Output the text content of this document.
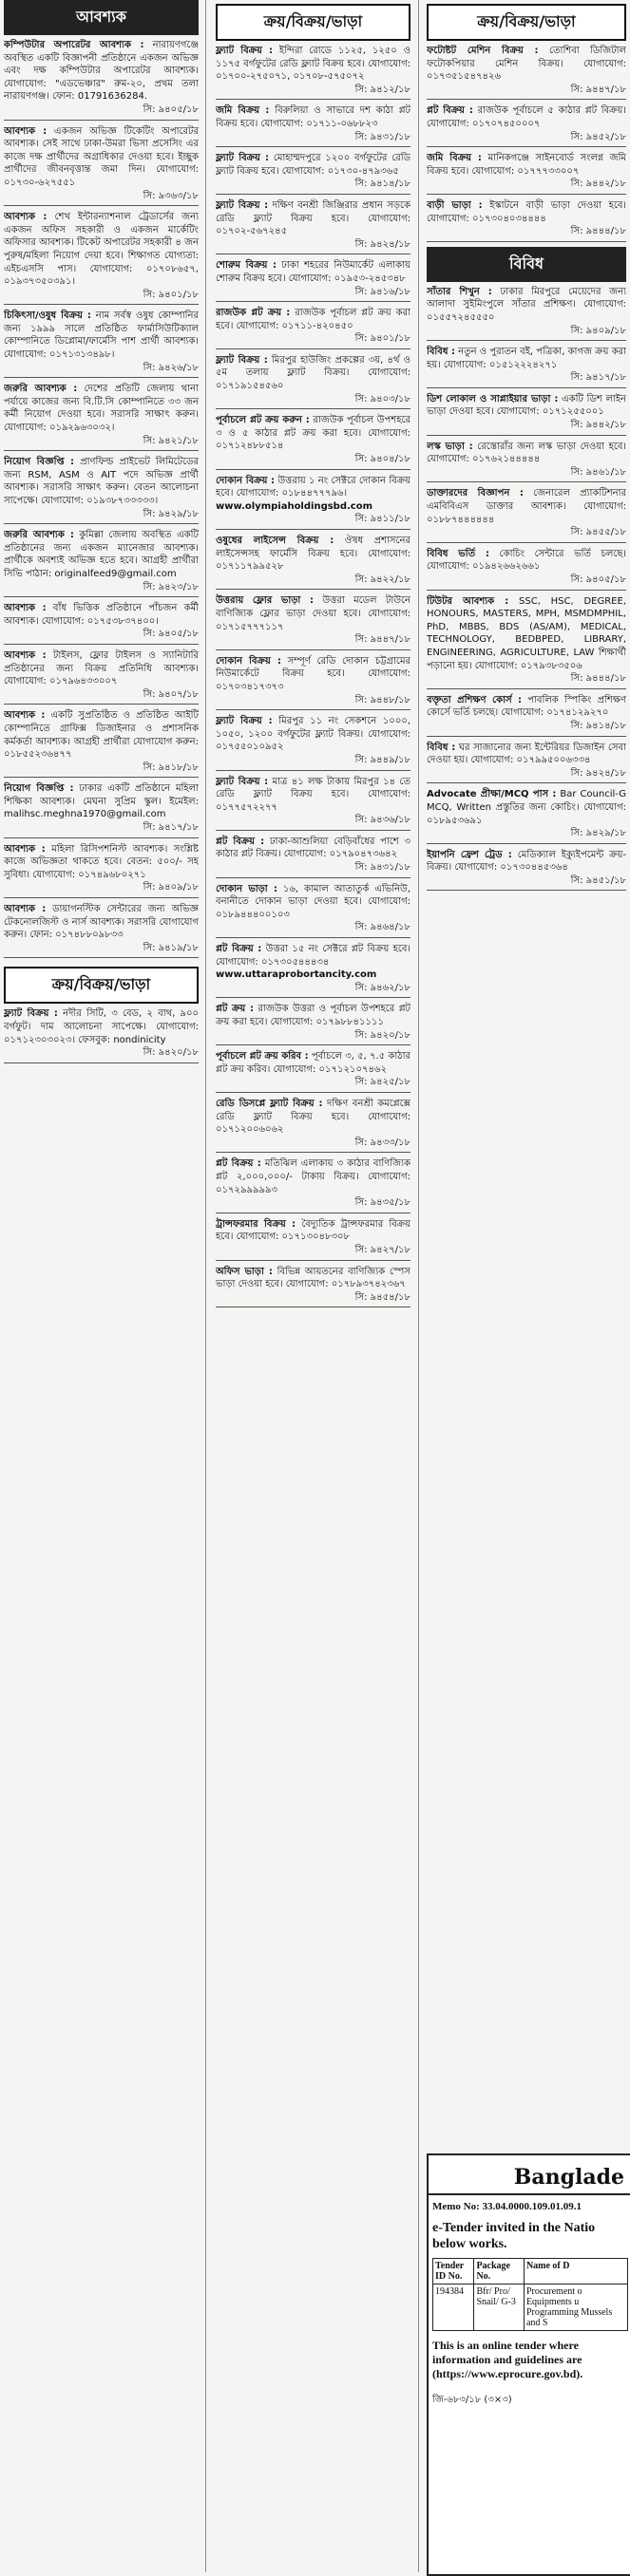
আবশ্যক
কম্পিউটার অপারেটর আবশ্যক : নারায়ণগঞ্জে অবস্থিত একটি বিজ্ঞাপনী প্রতিষ্ঠানে একজন অভিজ্ঞ এবং দক্ষ কম্পিউটার অপারেটর আবশ্যক। যোগাযোগ: "এডভেঞ্চার" রুম-২০, প্রথম তলা নারায়ণগঞ্জ। ফোন: 01791636284.
সি: ৯৪০৫/১৮
আবশ্যক : একজন অভিজ্ঞ টিকেটিং অপারেটর আবশ্যক। সেই সাথে ঢাকা-উমরা ভিসা প্রসেসিং এর কাজে দক্ষ প্রার্থীদের অগ্রাধিকার দেওয়া হবে। ইচ্ছুক প্রার্থীদের জীবনবৃত্তান্ত জমা দিন। যোগাযোগ: ০১৭৩০-৬২৭৫৫১
সি: ৯৩৬৩/১৮
আবশ্যক : শেখ ইন্টারন্যাশনাল ট্রেডার্সের জন্য একজন অফিস সহকারী ও একজন মার্কেটিং অফিসার আবশ্যক। টিকেট অপারেটর সহকারী ৪ জন পুরুষ/মহিলা নিয়োগ দেয়া হবে। শিক্ষাগত যোগ্যতা: এইচএসসি পাস। যোগাযোগ: ০১৭০৮৬৫৭, ০১৯৩৭৩৫০৩৯১।
সি: ৯৪০১/১৮
চিকিৎসা/ওষুধ বিক্রয় : নাম সর্বস্ব ওষুধ কোম্পানির জন্য ১৯৯৯ সালে প্রতিষ্ঠিত ফার্মাসিউটিক্যাল কোম্পানিতে ডিপ্লোমা/ফার্মেসি পাশ প্রার্থী আবশ্যক। যোগাযোগ: ০১৭১৩১৩৪৯৮।
সি: ৯৪২৬/১৮
জরুরি আবশ্যক : দেশের প্রতিটি জেলায় থানা পর্যায়ে কাজের জন্য বি.টি.সি কোম্পানিতে ৩৩ জন কর্মী নিয়োগ দেওয়া হবে। সরাসরি সাক্ষাৎ করুন। যোগাযোগ: ০১৯২৯৬৩০৩২।
সি: ৯৪২১/১৮
নিয়োগ বিজ্ঞপ্তি : প্রাণফিল্ড প্রাইভেট লিমিটেডের জন্য RSM, ASM ও AIT পদে অভিজ্ঞ প্রার্থী আবশ্যক। সরাসরি সাক্ষাৎ করুন। বেতন আলোচনা সাপেক্ষে। যোগাযোগ: ০১৯৩৮৭৩৩৩৩৩।
সি: ৯৪২৯/১৮
জরুরি আবশ্যক : কুমিল্লা জেলায় অবস্থিত একটি প্রতিষ্ঠানের জন্য একজন ম্যানেজার আবশ্যক। প্রার্থীকে অবশ্যই অভিজ্ঞ হতে হবে। আগ্রহী প্রার্থীরা সিভি পাঠান: originalfeed9@gmail.com
সি: ৯৪২৩/১৮
আবশ্যক : বাঁধ ভিত্তিক প্রতিষ্ঠানে পাঁচজন কর্মী আবশ্যক। যোগাযোগ: ০১৭৫৩৮৩৭৪০০।
সি: ৯৪০৫/১৮
আবশ্যক : টাইলস, ফ্লোর টাইলস ও স্যানিটারি প্রতিষ্ঠানের জন্য বিক্রয় প্রতিনিধি আবশ্যক। যোগাযোগ: ০১৭৯৬৪৩৩০০৭
সি: ৯৪০৭/১৮
আবশ্যক : একটি সুপ্রতিষ্ঠিত ও প্রতিষ্ঠিত আইটি কোম্পানিতে গ্রাফিক্স ডিজাইনার ও প্রশাসনিক কর্মকর্তা আবশ্যক। আগ্রহী প্রার্থীরা যোগাযোগ করুন: ০১৮৫৫২৩৬৪৭৭
সি: ৯৪১৮/১৮
নিয়োগ বিজ্ঞপ্তি : ঢাকার একটি প্রতিষ্ঠানে মহিলা শিক্ষিকা আবশ্যক। মেঘনা সুপ্রিম স্কুল। ইমেইল: malihsc.meghna1970@gmail.com
সি: ৯৪১৭/১৮
আবশ্যক : মহিলা রিসিপশনিস্ট আবশ্যক। সংশ্লিষ্ট কাজে অভিজ্ঞতা থাকতে হবে। বেতন: ৫০০/- সহ সুবিধা। যোগাযোগ: ০১৭৪৯৬৮০২৭১
সি: ৯৪০৯/১৮
আবশ্যক : ডায়াগনস্টিক সেন্টারের জন্য অভিজ্ঞ টেকনোলজিস্ট ও নার্স আবশ্যক। সরাসরি যোগাযোগ করুন। ফোন: ০১৭৪৮৮০৯৮৩৩
সি: ৯৪১৯/১৮
ক্রয়/বিক্রয়/ভাড়া
ফ্ল্যাট বিক্রয় : নদীর সিটি, ৩ বেড, ২ বাথ, ৯০০ বর্গফুট। দাম আলোচনা সাপেক্ষে। যোগাযোগ: ০১৭১২৩০৩০২৩। ফেসবুক: nondinicity
সি: ৯৪২০/১৮
ক্রয়/বিক্রয়/ভাড়া
ফ্ল্যাট বিক্রয় : ইন্দিরা রোডে ১১২৫, ১২৫০ ও ১১৭৫ বর্গফুটের রেডি ফ্ল্যাট বিক্রয় হবে। যোগাযোগ: ০১৭০০-২৭৫০৭১, ০১৭০৮-৫৭৫০৭২
সি: ৯৪১২/১৮
জমি বিক্রয় : বিরুলিয়া ও সাভারে দশ কাঠা প্লট বিক্রয় হবে। যোগাযোগ: ০১৭১১-০৬৮৮২৩
সি: ৯৪৩১/১৮
ফ্ল্যাট বিক্রয় : মোহাম্মদপুরে ১২০০ বর্গফুটের রেডি ফ্ল্যাট বিক্রয় হবে। যোগাযোগ: ০১৭৩০-৪৭৯৩৬৫
সি: ৯৪১৪/১৮
ফ্ল্যাট বিক্রয় : দক্ষিণ বনশ্রী জিঞ্জিরার প্রধান সড়কে রেডি ফ্ল্যাট বিক্রয় হবে। যোগাযোগ: ০১৭০২-৫৬৭২৪৫
সি: ৯৪২৪/১৮
শোরুম বিক্রয় : ঢাকা শহরের নিউমার্কেট এলাকায় শোরুম বিক্রয় হবে। যোগাযোগ: ০১৯৫৩-২৪৫৩৪৮
সি: ৯৪১৬/১৮
রাজউক প্লট ক্রয় : রাজউক পূর্বাচল প্লট ক্রয় করা হবে। যোগাযোগ: ০১৭১১-৪২০৪৫০
সি: ৯৪০১/১৮
ফ্ল্যাট বিক্রয় : মিরপুর হাউজিং প্রকল্পের ৩য়, ৪র্থ ও ৫ম তলায় ফ্ল্যাট বিক্রয়। যোগাযোগ: ০১৭১৯১৫৪৫৬০
সি: ৯৪০৩/১৮
পূর্বাচলে প্লট ক্রয় করুন : রাজউক পূর্বাচল উপশহরে ৩ ও ৫ কাঠার প্লট ক্রয় করা হবে। যোগাযোগ: ০১৭১২৪৮৮৫১৪
সি: ৯৪০৪/১৮
দোকান বিক্রয় : উত্তরায় ১ নং সেক্টরে দোকান বিক্রয় হবে। যোগাযোগ: ০১৮৪৪৭৭৭৯৬।
www.olympiaholdingsbd.com
সি: ৯৪১১/১৮
ওষুধের লাইসেন্স বিক্রয় : ঔষধ প্রশাসনের লাইসেন্সসহ ফার্মেসি বিক্রয় হবে। যোগাযোগ: ০১৭১১৭৯৯৫২৮
সি: ৯৪২২/১৮
উত্তরায় ফ্লোর ভাড়া : উত্তরা মডেল টাউনে বাণিজ্যিক ফ্লোর ভাড়া দেওয়া হবে। যোগাযোগ: ০১৭১৫৭৭৭১১৭
সি: ৯৪৪৭/১৮
দোকান বিক্রয় : সম্পূর্ণ রেডি দোকান চট্টগ্রামের নিউমার্কেটে বিক্রয় হবে। যোগাযোগ: ০১৭০৩৪১৭৩৭৩
সি: ৯৪৪৮/১৮
ফ্ল্যাট বিক্রয় : মিরপুর ১১ নং সেকশনে ১০০০, ১০৫০, ১২০০ বর্গফুটের ফ্ল্যাট বিক্রয়। যোগাযোগ: ০১৭৫৫০১০৯৫২
সি: ৯৪৪৯/১৮
ফ্ল্যাট বিক্রয় : মাত্র ৪১ লক্ষ টাকায় মিরপুর ১৪ তে রেডি ফ্ল্যাট বিক্রয় হবে। যোগাযোগ: ০১৭৭৫৭২২৭৭
সি: ৯৪৩৬/১৮
প্লট বিক্রয় : ঢাকা-আশুলিয়া বেড়িবাঁধের পাশে ৩ কাঠার প্লট বিক্রয়। যোগাযোগ: ০১৭৯০৪৭৩৬৪২
সি: ৯৪৩১/১৮
দোকান ভাড়া : ১৬, কামাল আতাতুর্ক এভিনিউ, বনানীতে দোকান ভাড়া দেওয়া হবে। যোগাযোগ: ০১৮৯৪৪৪০০১০৩
সি: ৯৪৬৪/১৮
প্লট বিক্রয় : উত্তরা ১৫ নং সেক্টরে প্লট বিক্রয় হবে। যোগাযোগ: ০১৭৩০৫৪৪৪৩৪
www.uttaraprobortancity.com
সি: ৯৪৬২/১৮
প্লট ক্রয় : রাজউক উত্তরা ও পূর্বাচল উপশহরে প্লট ক্রয় করা হবে। যোগাযোগ: ০১৭৯৮৮৪১১১১
সি: ৯৪২০/১৮
পূর্বাচলে প্লট ক্রয় করিব : পূর্বাচলে ৩, ৫, ৭.৫ কাঠার প্লট ক্রয় করিব। যোগাযোগ: ০১৭১২১০৭৪৬২
সি: ৯৪২৫/১৮
রেডি ডিসপ্লে ফ্ল্যাট বিক্রয় : দক্ষিণ বনশ্রী কমপ্লেক্সে রেডি ফ্ল্যাট বিক্রয় হবে। যোগাযোগ: ০১৭১২০০৬০৬২
সি: ৯৪৩৩/১৮
প্লট বিক্রয় : মতিঝিল এলাকায় ৩ কাঠার বাণিজ্যিক প্লট ২,০০০,০০০/- টাকায় বিক্রয়। যোগাযোগ: ০১৭২৯৯৯৯৯৩
সি: ৯৪৩৫/১৮
ট্রান্সফরমার বিক্রয় : বৈদ্যুতিক ট্রান্সফরমার বিক্রয় হবে। যোগাযোগ: ০১৭১৩০৪৮৩০৮
সি: ৯৪২৭/১৮
অফিস ভাড়া : বিভিন্ন আয়তনের বাণিজ্যিক স্পেস ভাড়া দেওয়া হবে। যোগাযোগ: ০১৭৮৯৩৭৪২৩৬৭
সি: ৯৪৫৪/১৮
ক্রয়/বিক্রয়/ভাড়া
ফটোষ্টট মেশিন বিক্রয় : তোশিবা ডিজিটাল ফটোকপিয়ার মেশিন বিক্রয়। যোগাযোগ: ০১৭৩৫১৫৪৭৪২৬
সি: ৯৪৪৭/১৮
প্লট বিক্রয় : রাজউক পূর্বাচলে ৫ কাঠার প্লট বিক্রয়। যোগাযোগ: ০১৭০৭৪৫০০০৭
সি: ৯৪৫২/১৮
জমি বিক্রয় : মানিকগঞ্জে সাইনবোর্ড সংলগ্ন জমি বিক্রয় হবে। যোগাযোগ: ০১৭৭৭৩৩০০৭
সি: ৯৪৪২/১৮
বাড়ী ভাড়া : ইস্কাটনে বাড়ী ভাড়া দেওয়া হবে। যোগাযোগ: ০১৭৩০৪০৩৪৪৪৪
সি: ৯৪৪৪/১৮
বিবিধ
সাঁতার শিখুন : ঢাকার মিরপুরে মেয়েদের জন্য আলাদা সুইমিংপুলে সাঁতার প্রশিক্ষণ। যোগাযোগ: ০১৫৫৭২৪৫৫৫০
সি: ৯৪০৯/১৮
বিবিধ : নতুন ও পুরাতন বই, পত্রিকা, কাগজ ক্রয় করা হয়। যোগাযোগ: ০১৫১২২২৪২৭১
সি: ৯৪১৭/১৮
ডিশ লোকাল ও সাপ্লাইয়ার ভাড়া : একটি ডিশ লাইন ভাড়া দেওয়া হবে। যোগাযোগ: ০১৭১২৫৫০০১
সি: ৯৪৪২/১৮
লস্ক ভাড়া : রেস্তোরাঁর জন্য লস্ক ভাড়া দেওয়া হবে। যোগাযোগ: ০১৭৬২১৪৪৪৪৪
সি: ৯৪৬১/১৮
ডাক্তারদের বিজ্ঞাপন : জেনারেল প্র্যাকটিশনার এমবিবিএস ডাক্তার আবশ্যক। যোগাযোগ: ০১৮৮৭৪৪৪৪৪৪
সি: ৯৪৫৫/১৮
বিবিধ ভর্তি : কোচিং সেন্টারে ভর্তি চলছে। যোগাযোগ: ০১৯৪২৬৬২৬৬১
সি: ৯৪০৫/১৮
টিউটর আবশ্যক : SSC, HSC, DEGREE, HONOURS, MASTERS, MPH, MSMDMPHIL, PhD, MBBS, BDS (AS/AM), MEDICAL, TECHNOLOGY, BEDBPED, LIBRARY, ENGINEERING, AGRICULTURE, LAW শিক্ষার্থী পড়ানো হয়। যোগাযোগ: ০১৭৯৩৮৩৫০৬
সি: ৯৪৪৪/১৮
বক্তৃতা প্রশিক্ষণ কোর্স : পাবলিক স্পিকিং প্রশিক্ষণ কোর্সে ভর্তি চলছে। যোগাযোগ: ০১৭৪১২৯২৭০
সি: ৯৪১৪/১৮
বিবিধ : ঘর সাজানোর জন্য ইন্টেরিয়র ডিজাইন সেবা দেওয়া হয়। যোগাযোগ: ০১৭৯৯৫০০৬৩৩৪
সি: ৯৪২৪/১৮
Advocate প্রীক্ষা/MCQ পাস : Bar Council-G MCQ, Written প্রস্তুতির জন্য কোচিং। যোগাযোগ: ০১৮৯৫৩৬৯১
সি: ৯৪২৯/১৮
ইয়াপনি ফ্রেশ ট্রেড : মেডিক্যাল ইক্যুইপমেন্ট ক্রয়-বিক্রয়। যোগাযোগ: ০১৭৩০৪৪৫৩৬৪
সি: ৯৪৫১/১৮
Banglade
Memo No: 33.04.0000.109.01.09.1
e-Tender invited in the Natio below works.
Tender ID No.	Package No.	Name of D
194384	Bfr/ Pro/ Snail/ G-3	Procurement o Equipments u Programming Mussels and S
This is an online tender where information and guidelines are (https://www.eprocure.gov.bd).
জি-৬৮৩/১৮ (৩×৩)
